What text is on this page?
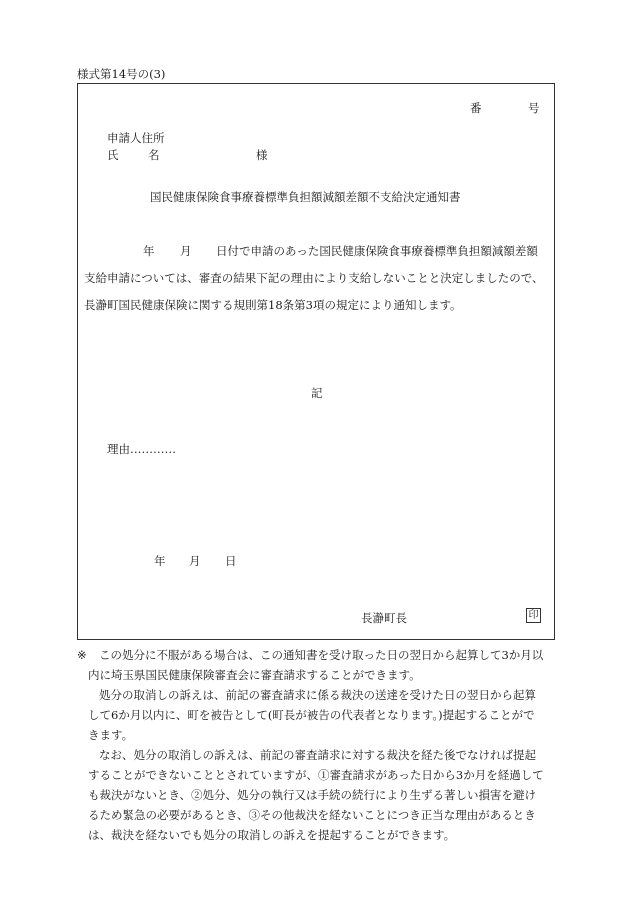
様式第14号の(3)
番	号
申請人住所
氏	名	様
国民健康保険食事療養標準負担額減額差額不支給決定通知書
年 月 日付で申請のあった国民健康保険食事療養標準負担額減額差額
支給申請については、審査の結果下記の理由により支給しないことと決定しましたので、
長瀞町国民健康保険に関する規則第18条第3項の規定により通知します。
記
理由…………
年 月 日
長瀞町長	印
※	この処分に不服がある場合は、この通知書を受け取った日の翌日から起算して3か月以
内に埼玉県国民健康保険審査会に審査請求することができます。
処分の取消しの訴えは、前記の審査請求に係る裁決の送達を受けた日の翌日から起算
して6か月以内に、町を被告として(町長が被告の代表者となります。)提起することがで
きます。
なお、処分の取消しの訴えは、前記の審査請求に対する裁決を経た後でなければ提起
することができないこととされていますが、①審査請求があった日から3か月を経過して
も裁決がないとき、②処分、処分の執行又は手続の続行により生ずる著しい損害を避け
るため緊急の必要があるとき、③その他裁決を経ないことにつき正当な理由があるとき
は、裁決を経ないでも処分の取消しの訴えを提起することができます。
